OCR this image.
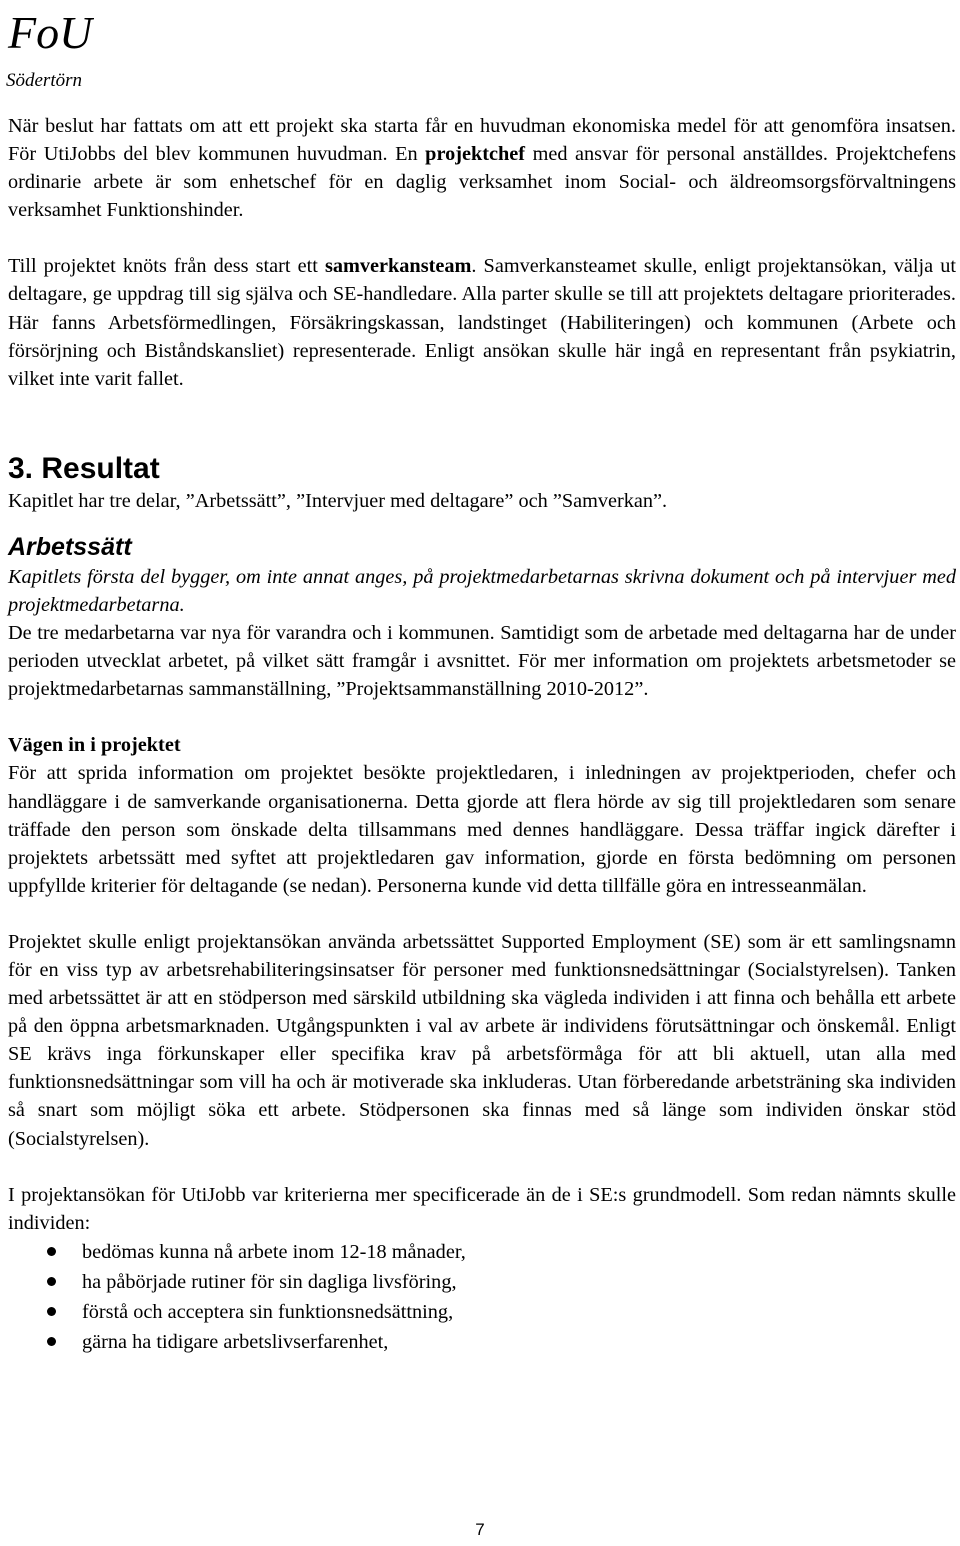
FoU
Södertörn

När beslut har fattats om att ett projekt ska starta får en huvudman ekonomiska medel för att genomföra insatsen. För UtiJobbs del blev kommunen huvudman. En projektchef med ansvar för personal anställdes. Projektchefens ordinarie arbete är som enhetschef för en daglig verksamhet inom Social- och äldreomsorgsförvaltningens verksamhet Funktionshinder.

Till projektet knöts från dess start ett samverkansteam. Samverkansteamet skulle, enligt projektansökan, välja ut deltagare, ge uppdrag till sig själva och SE-handledare. Alla parter skulle se till att projektets deltagare prioriterades. Här fanns Arbetsförmedlingen, Försäkringskassan, landstinget (Habiliteringen) och kommunen (Arbete och försörjning och Biståndskansliet) representerade. Enligt ansökan skulle här ingå en representant från psykiatrin, vilket inte varit fallet.

3. Resultat

Kapitlet har tre delar, ”Arbetssätt”, ”Intervjuer med deltagare” och ”Samverkan”.

Arbetssätt

Kapitlets första del bygger, om inte annat anges, på projektmedarbetarnas skrivna dokument och på intervjuer med projektmedarbetarna.

De tre medarbetarna var nya för varandra och i kommunen. Samtidigt som de arbetade med deltagarna har de under perioden utvecklat arbetet, på vilket sätt framgår i avsnittet. För mer information om projektets arbetsmetoder se projektmedarbetarnas sammanställning, ”Projektsammanställning 2010-2012”.

Vägen in i projektet

För att sprida information om projektet besökte projektledaren, i inledningen av projektperioden, chefer och handläggare i de samverkande organisationerna. Detta gjorde att flera hörde av sig till projektledaren som senare träffade den person som önskade delta tillsammans med dennes handläggare. Dessa träffar ingick därefter i projektets arbetssätt med syftet att projektledaren gav information, gjorde en första bedömning om personen uppfyllde kriterier för deltagande (se nedan). Personerna kunde vid detta tillfälle göra en intresseanmälan.

Projektet skulle enligt projektansökan använda arbetssättet Supported Employment (SE) som är ett samlingsnamn för en viss typ av arbetsrehabiliteringsinsatser för personer med funktionsnedsättningar (Socialstyrelsen). Tanken med arbetssättet är att en stödperson med särskild utbildning ska vägleda individen i att finna och behålla ett arbete på den öppna arbetsmarknaden. Utgångspunkten i val av arbete är individens förutsättningar och önskemål. Enligt SE krävs inga förkunskaper eller specifika krav på arbetsförmåga för att bli aktuell, utan alla med funktionsnedsättningar som vill ha och är motiverade ska inkluderas. Utan förberedande arbetsträning ska individen så snart som möjligt söka ett arbete. Stödpersonen ska finnas med så länge som individen önskar stöd (Socialstyrelsen).

I projektansökan för UtiJobb var kriterierna mer specificerade än de i SE:s grundmodell. Som redan nämnts skulle individen:

bedömas kunna nå arbete inom 12-18 månader,
ha påbörjade rutiner för sin dagliga livsföring,
förstå och acceptera sin funktionsnedsättning,
gärna ha tidigare arbetslivserfarenhet,
7
